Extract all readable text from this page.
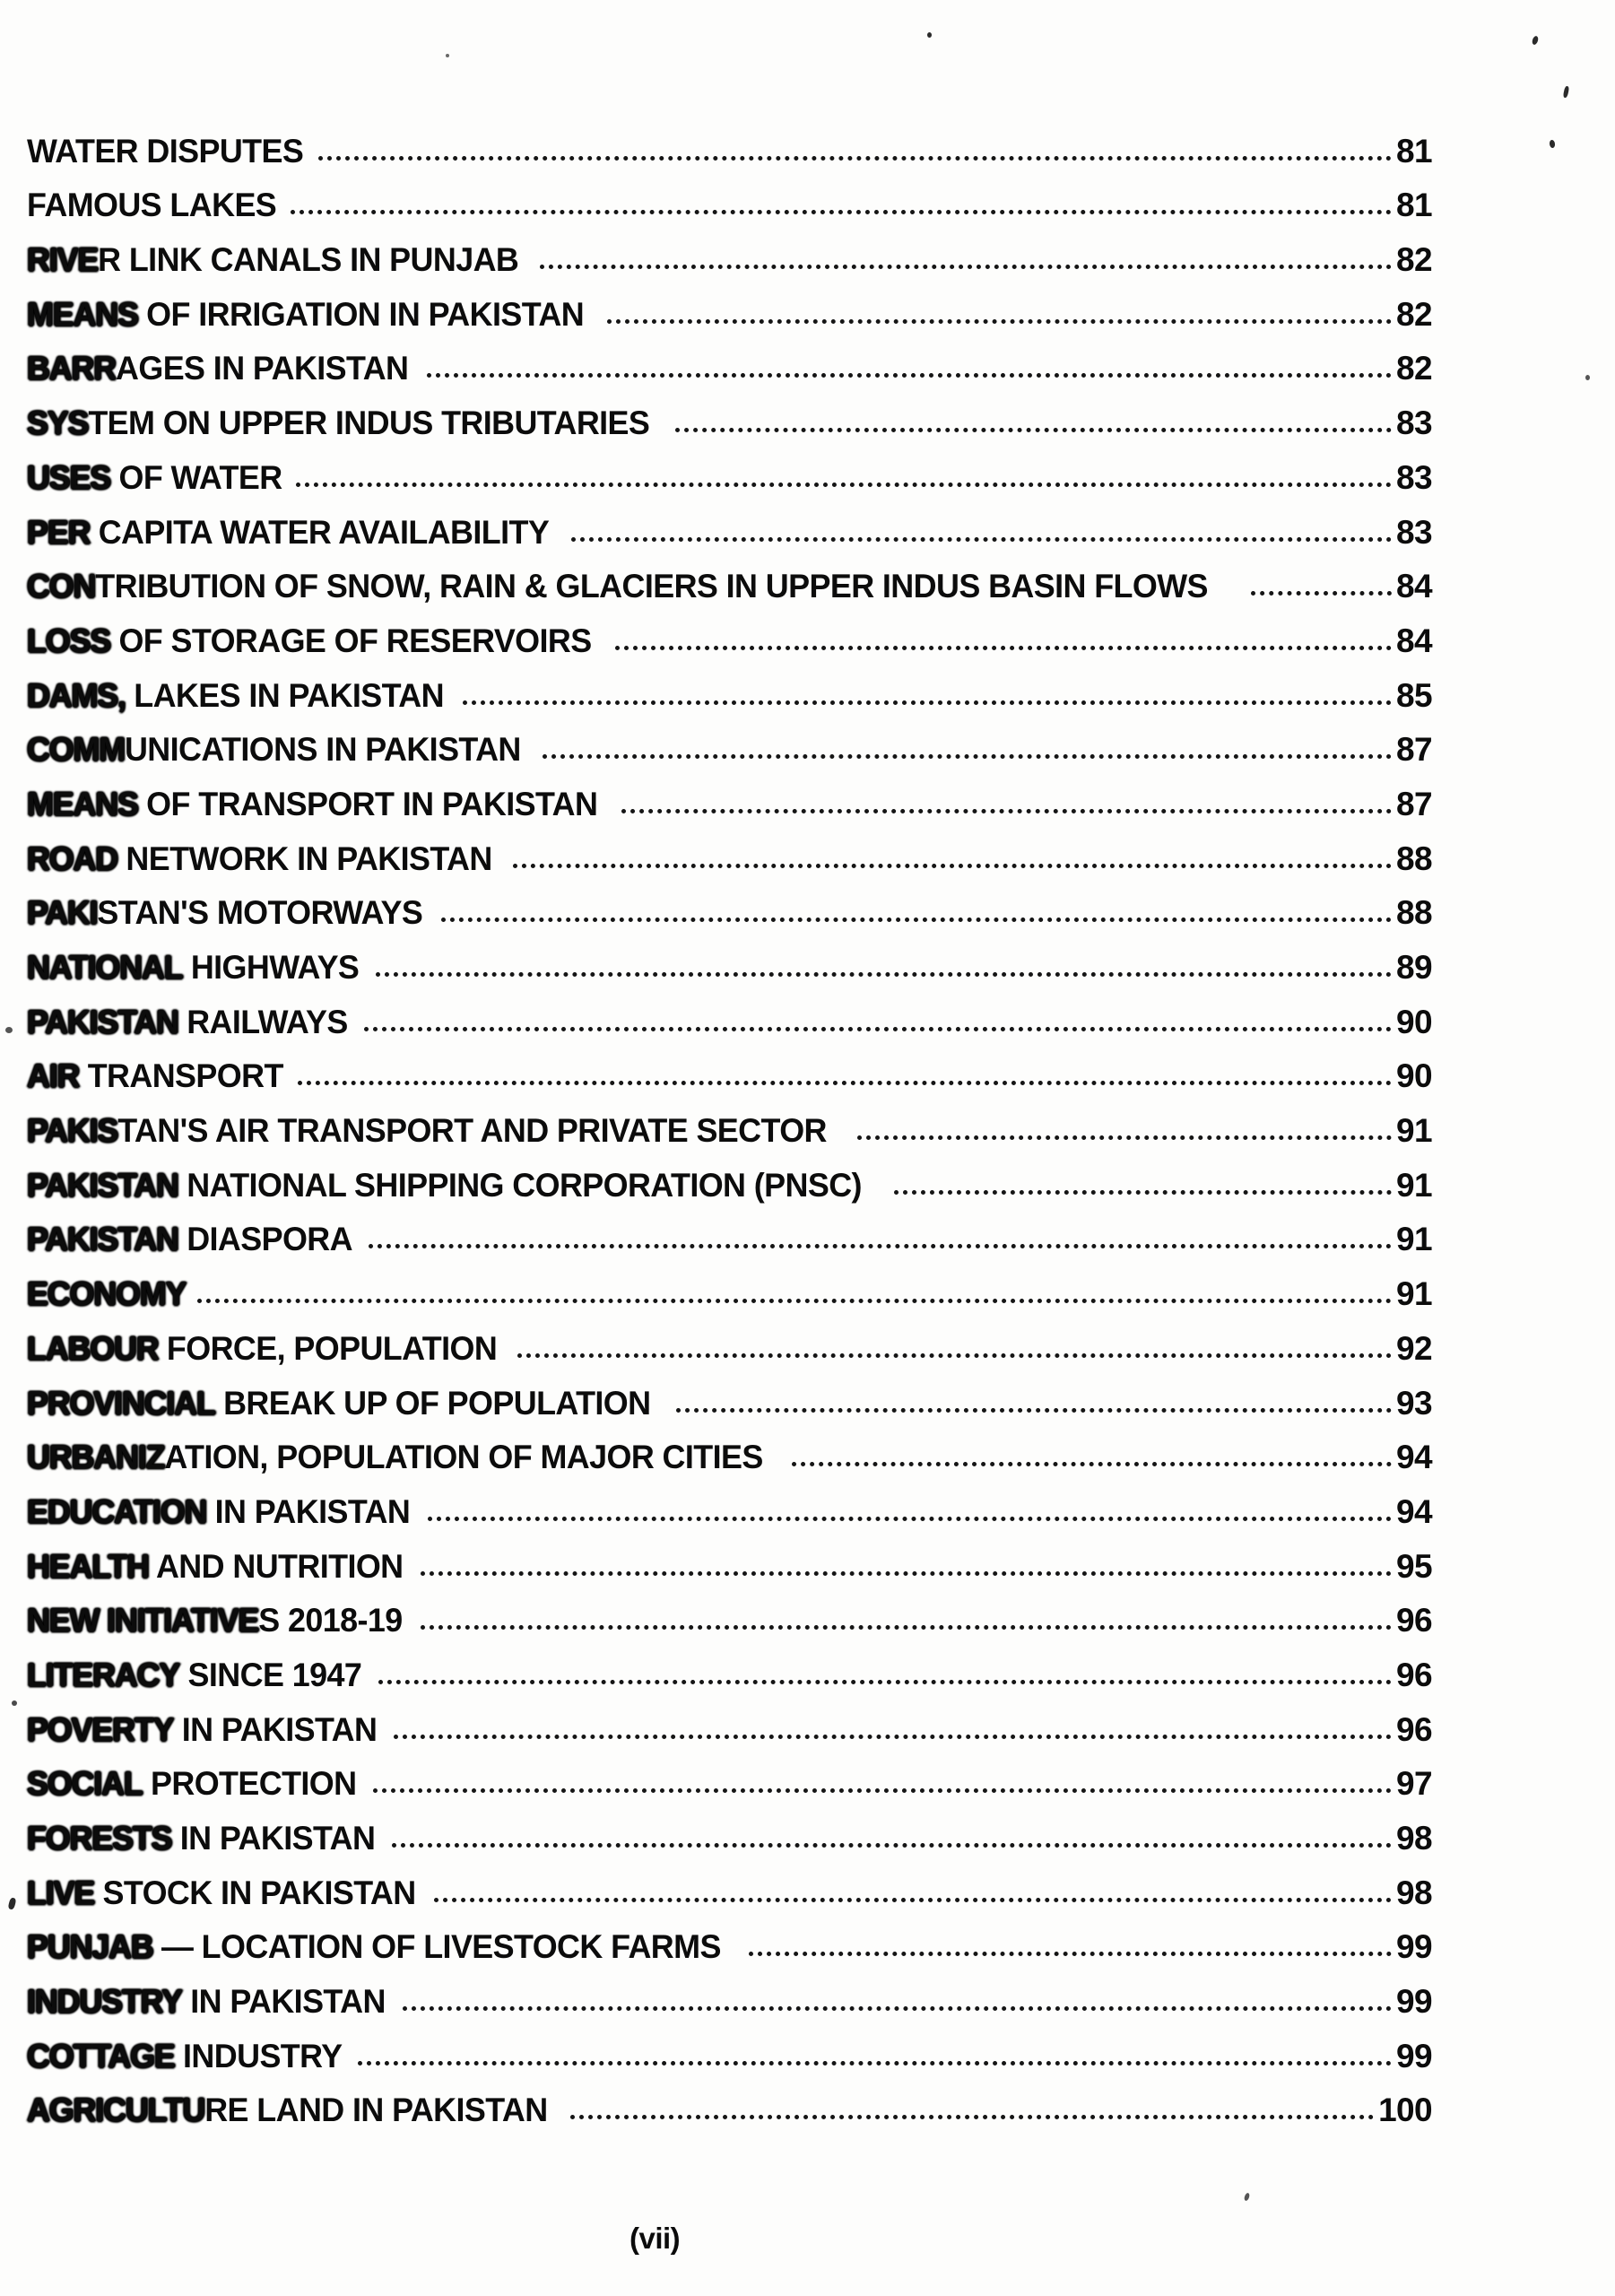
WATER DISPUTES	81
FAMOUS LAKES	81
RIVER LINK CANALS IN PUNJAB	82
MEANS OF IRRIGATION IN PAKISTAN	82
BARRAGES IN PAKISTAN	82
SYSTEM ON UPPER INDUS TRIBUTARIES	83
USES OF WATER	83
PER CAPITA WATER AVAILABILITY	83
CONTRIBUTION OF SNOW, RAIN & GLACIERS IN UPPER INDUS BASIN FLOWS	84
LOSS OF STORAGE OF RESERVOIRS	84
DAMS, LAKES IN PAKISTAN	85
COMMUNICATIONS IN PAKISTAN	87
MEANS OF TRANSPORT IN PAKISTAN	87
ROAD NETWORK IN PAKISTAN	88
PAKISTAN'S MOTORWAYS	88
NATIONAL HIGHWAYS	89
PAKISTAN RAILWAYS	90
AIR TRANSPORT	90
PAKISTAN'S AIR TRANSPORT AND PRIVATE SECTOR	91
PAKISTAN NATIONAL SHIPPING CORPORATION (PNSC)	91
PAKISTAN DIASPORA	91
ECONOMY	91
LABOUR FORCE, POPULATION	92
PROVINCIAL BREAK UP OF POPULATION	93
URBANIZATION, POPULATION OF MAJOR CITIES	94
EDUCATION IN PAKISTAN	94
HEALTH AND NUTRITION	95
NEW INITIATIVES 2018-19	96
LITERACY SINCE 1947	96
POVERTY IN PAKISTAN	96
SOCIAL PROTECTION	97
FORESTS IN PAKISTAN	98
LIVE STOCK IN PAKISTAN	98
PUNJAB — LOCATION OF LIVESTOCK FARMS	99
INDUSTRY IN PAKISTAN	99
COTTAGE INDUSTRY	99
AGRICULTURE LAND IN PAKISTAN	100
(vii)
